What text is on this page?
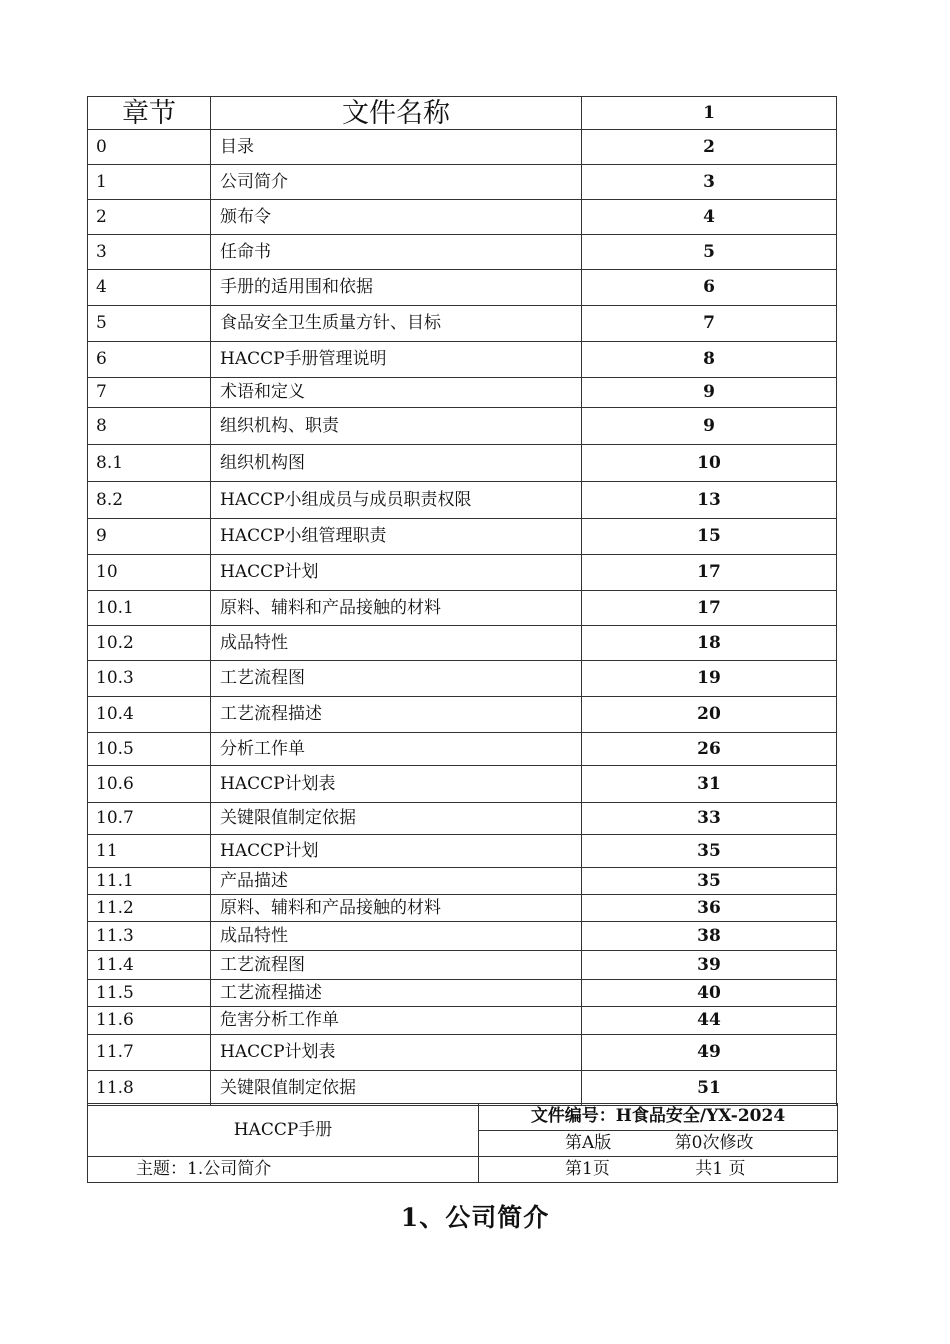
章节	文件名称	1
0	目录	2
1	公司简介	3
2	颁布令	4
3	任命书	5
4	手册的适用围和依据	6
5	食品安全卫生质量方针、目标	7
6	HACCP手册管理说明	8
7	术语和定义	9
8	组织机构、职责	9
8.1	组织机构图	10
8.2	HACCP小组成员与成员职责权限	13
9	HACCP小组管理职责	15
10	HACCP计划	17
10.1	原料、辅料和产品接触的材料	17
10.2	成品特性	18
10.3	工艺流程图	19
10.4	工艺流程描述	20
10.5	分析工作单	26
10.6	HACCP计划表	31
10.7	关键限值制定依据	33
11	HACCP计划	35
11.1	产品描述	35
11.2	原料、辅料和产品接触的材料	36
11.3	成品特性	38
11.4	工艺流程图	39
11.5	工艺流程描述	40
11.6	危害分析工作单	44
11.7	HACCP计划表	49
11.8	关键限值制定依据	51
HACCP手册	文件编号：H食品安全/YX-2024
	第A版 第0次修改
主题：1.公司简介	第1页 共1 页
1、公司简介
